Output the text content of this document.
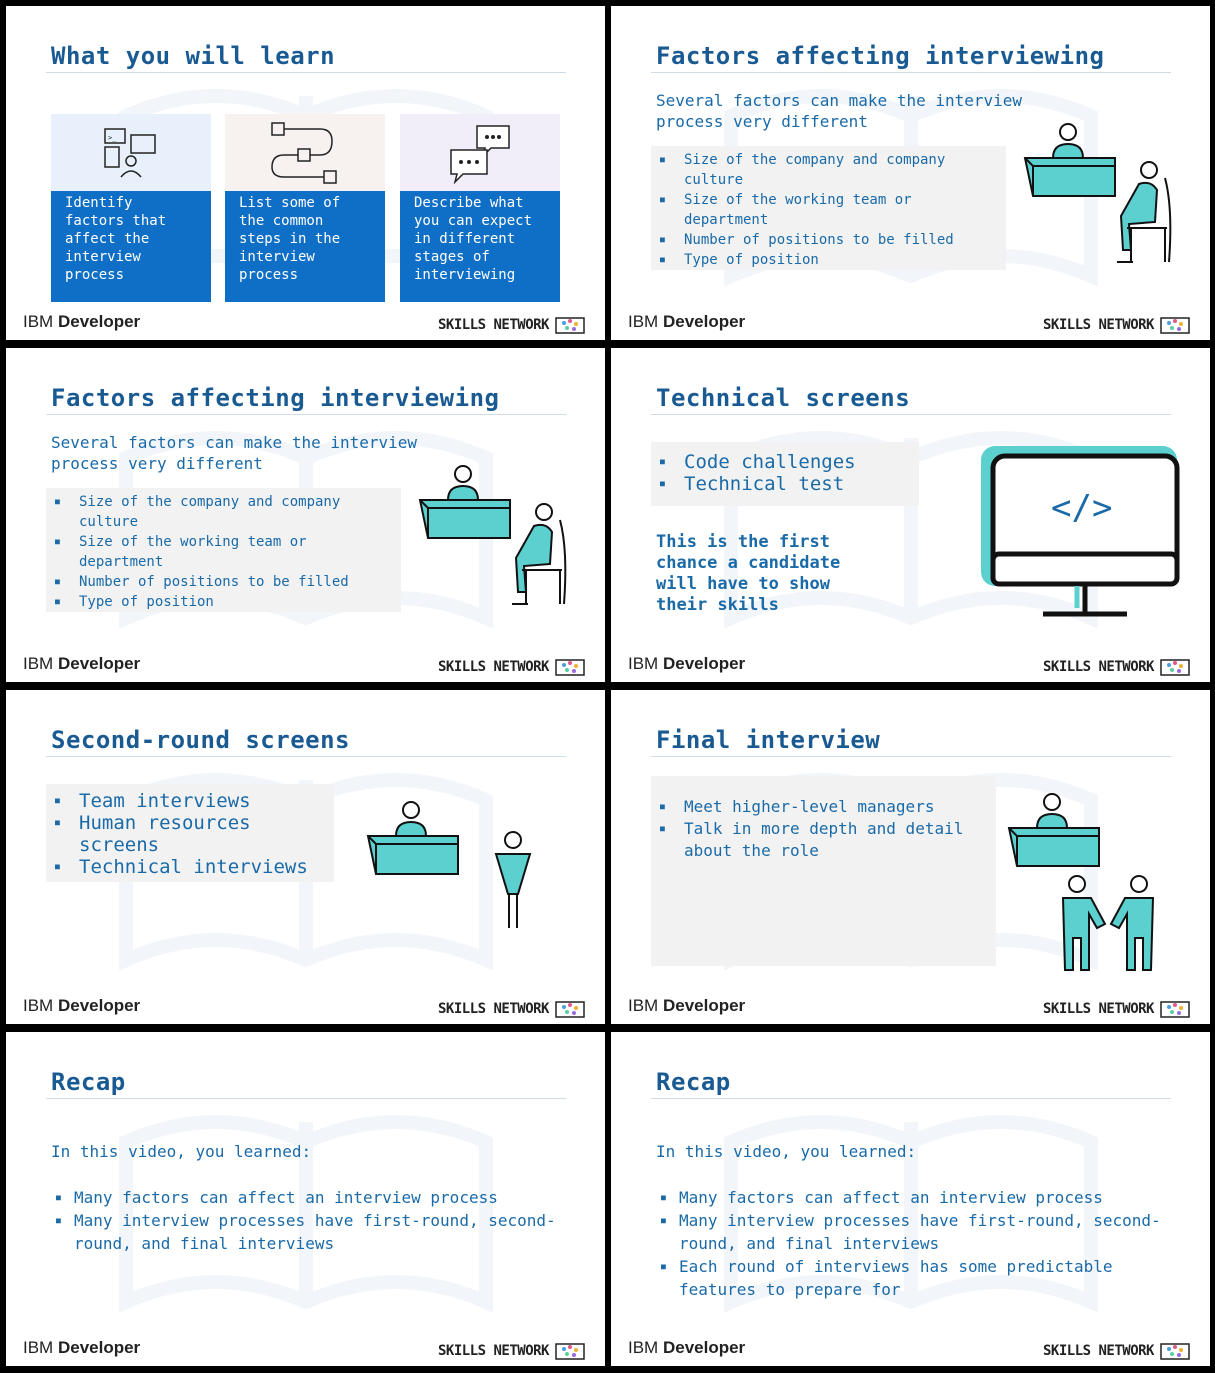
What you will learn
>_
Identify factors that affect the interview process
List some of the common steps in the interview process
Describe what you can expect in different stages of interviewing
IBM Developer	SKILLS NETWORK
Factors affecting interviewing
Several factors can make the interview process very different
■ Size of the company and company culture
■ Size of the working team or department
■ Number of positions to be filled
■ Type of position
IBM Developer	SKILLS NETWORK
Factors affecting interviewing
Several factors can make the interview process very different
■ Size of the company and company culture
■ Size of the working team or department
■ Number of positions to be filled
■ Type of position
IBM Developer	SKILLS NETWORK
Technical screens
■ Code challenges
■ Technical test
This is the first chance a candidate will have to show their skills
</>
IBM Developer	SKILLS NETWORK
Second-round screens
■ Team interviews
■ Human resources screens
■ Technical interviews
IBM Developer	SKILLS NETWORK
Final interview
■ Meet higher-level managers
■ Talk in more depth and detail about the role
IBM Developer	SKILLS NETWORK
Recap
In this video, you learned:
■ Many factors can affect an interview process
■ Many interview processes have first-round, second-round, and final interviews
IBM Developer	SKILLS NETWORK
Recap
In this video, you learned:
■ Many factors can affect an interview process
■ Many interview processes have first-round, second-round, and final interviews
■ Each round of interviews has some predictable features to prepare for
IBM Developer	SKILLS NETWORK
